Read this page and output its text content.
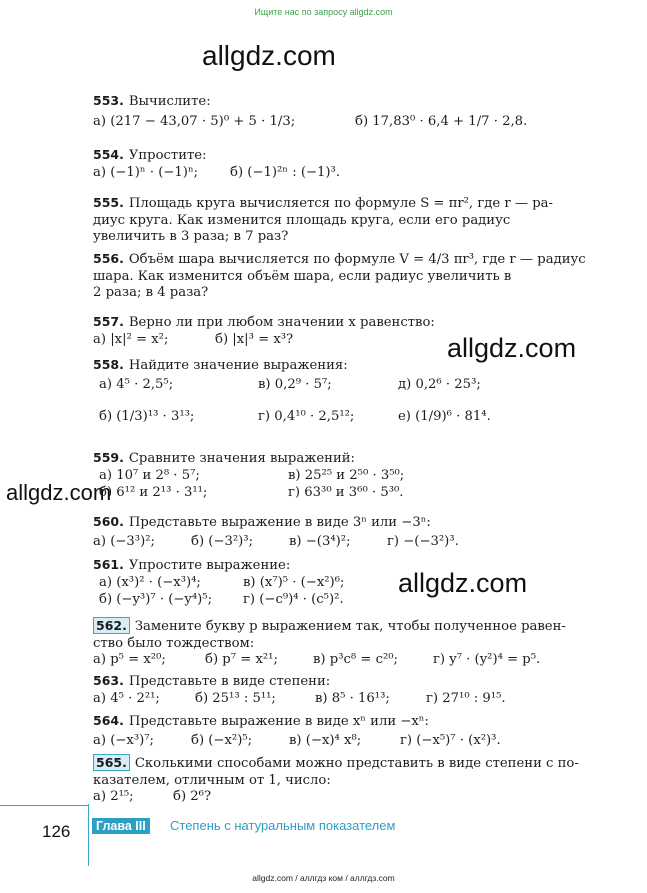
Ищите нас по запросу allgdz.com
allgdz.com
allgdz.com
allgdz.com
allgdz.com
553. Вычислите:
а) (217 − 43,07 · 5)⁰ + 5 · 1/3;	б) 17,83⁰ · 6,4 + 1/7 · 2,8.
554. Упростите:
а) (−1)ⁿ · (−1)ⁿ; б) (−1)²ⁿ : (−1)³.
555. Площадь круга вычисляется по формуле S = πr², где r — ра-
диус круга. Как изменится площадь круга, если его радиус
увеличить в 3 раза; в 7 раз?
556. Объём шара вычисляется по формуле V = 4/3 πr³, где r — радиус
шара. Как изменится объём шара, если радиус увеличить в
2 раза; в 4 раза?
557. Верно ли при любом значении x равенство:
а) |x|² = x²;	б) |x|³ = x³?
558. Найдите значение выражения:
а) 4⁵ · 2,5⁵;	в) 0,2⁹ · 5⁷;	д) 0,2⁶ · 25³;
б) (1/3)¹³ · 3¹³;	г) 0,4¹⁰ · 2,5¹²;	е) (1/9)⁶ · 81⁴.
559. Сравните значения выражений:
а) 10⁷ и 2⁸ · 5⁷;	в) 25²⁵ и 2⁵⁰ · 3⁵⁰;
б) 6¹² и 2¹³ · 3¹¹;	г) 63³⁰ и 3⁶⁰ · 5³⁰.
560. Представьте выражение в виде 3ⁿ или −3ⁿ:
а) (−3³)²;	б) (−3²)³;	в) −(3⁴)²;	г) −(−3²)³.
561. Упростите выражение:
а) (x³)² · (−x³)⁴;	в) (x⁷)⁵ · (−x²)⁶;
б) (−y³)⁷ · (−y⁴)⁵; г) (−c⁹)⁴ · (c⁵)².
562. Замените букву p выражением так, чтобы полученное равен-
ство было тождеством:
а) p⁵ = x²⁰;	б) p⁷ = x²¹;	в) p³c⁸ = c²⁰;	г) y⁷ · (y²)⁴ = p⁵.
563. Представьте в виде степени:
а) 4⁵ · 2²¹;	б) 25¹³ : 5¹¹;	в) 8⁵ · 16¹³;	г) 27¹⁰ : 9¹⁵.
564. Представьте выражение в виде xⁿ или −xⁿ:
а) (−x³)⁷;	б) (−x²)⁵;	в) (−x)⁴ x⁸;	г) (−x⁵)⁷ · (x²)³.
565. Сколькими способами можно представить в виде степени с по-
казателем, отличным от 1, число:
а) 2¹⁵;	б) 2⁶?
126	Глава III	Степень с натуральным показателем
allgdz.com / аллгдз ком / аллгдз.com
